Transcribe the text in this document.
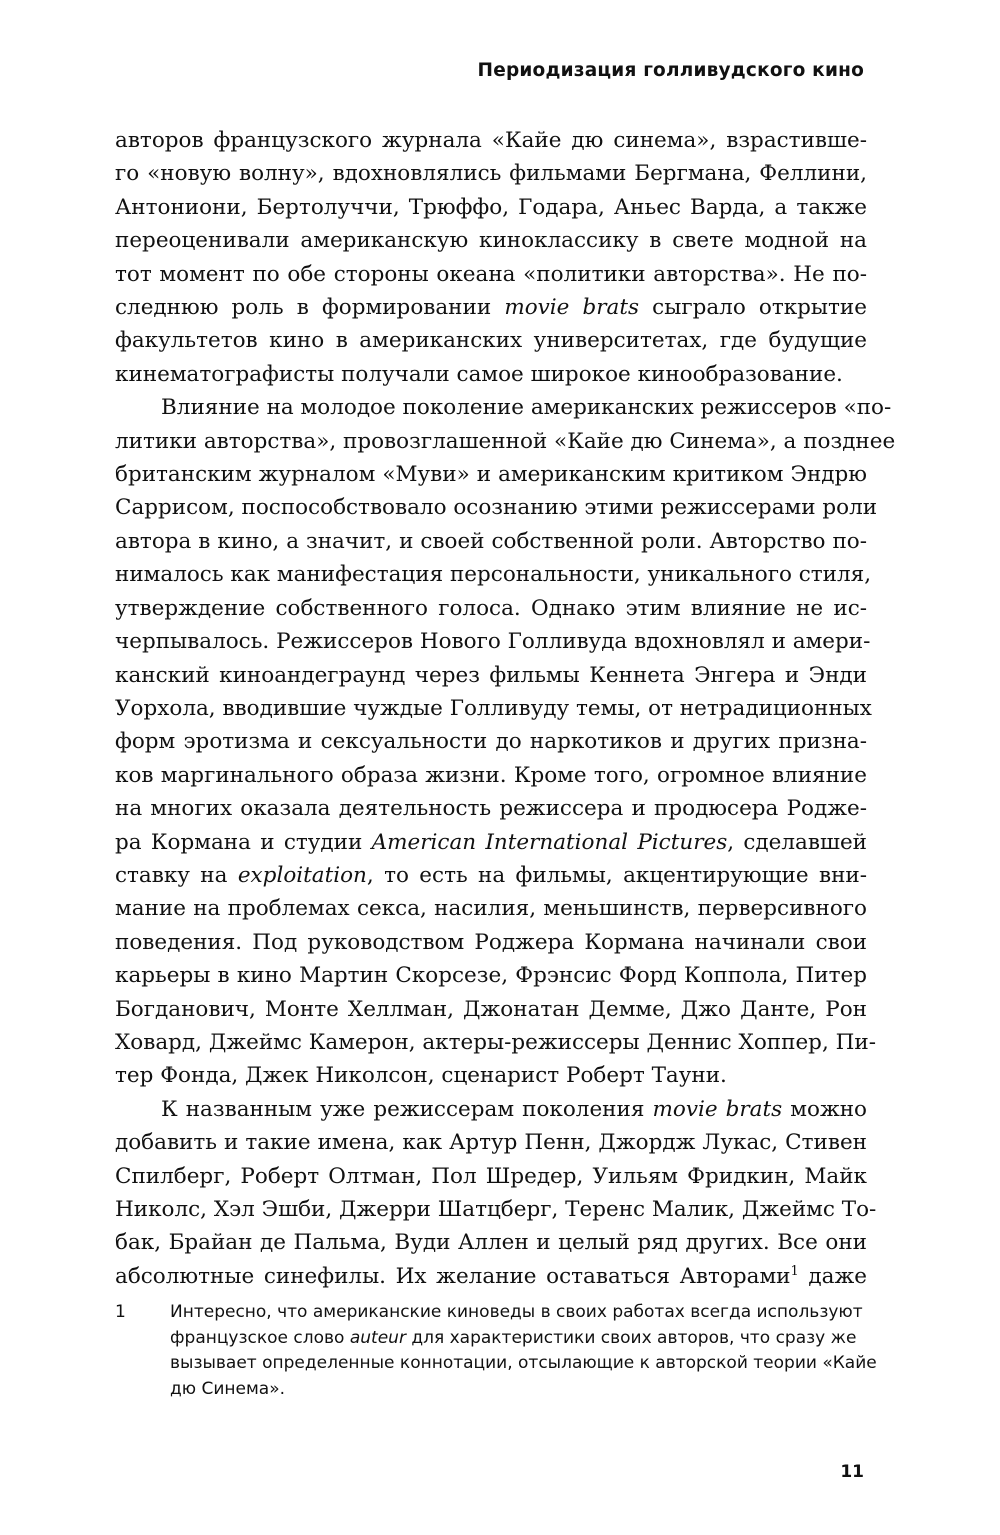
Периодизация голливудского кино
авторов французского журнала «Кайе дю синема», взрастивше-
го «новую волну», вдохновлялись фильмами Бергмана, Феллини,
Антониони, Бертолуччи, Трюффо, Годара, Аньес Варда, а также
переоценивали американскую киноклассику в свете модной на
тот момент по обе стороны океана «политики авторства». Не по-
следнюю роль в формировании movie brats сыграло открытие
факультетов кино в американских университетах, где будущие
кинематографисты получали самое широкое кинообразование.
Влияние на молодое поколение американских режиссеров «по-
литики авторства», провозглашенной «Кайе дю Синема», а позднее
британским журналом «Муви» и американским критиком Эндрю
Саррисом, поспособствовало осознанию этими режиссерами роли
автора в кино, а значит, и своей собственной роли. Авторство по-
нималось как манифестация персональности, уникального стиля,
утверждение собственного голоса. Однако этим влияние не ис-
черпывалось. Режиссеров Нового Голливуда вдохновлял и амери-
канский киноандеграунд через фильмы Кеннета Энгера и Энди
Уорхола, вводившие чуждые Голливуду темы, от нетрадиционных
форм эротизма и сексуальности до наркотиков и других призна-
ков маргинального образа жизни. Кроме того, огромное влияние
на многих оказала деятельность режиссера и продюсера Родже-
ра Кормана и студии American International Pictures, сделавшей
ставку на exploitation, то есть на фильмы, акцентирующие вни-
мание на проблемах секса, насилия, меньшинств, перверсивного
поведения. Под руководством Роджера Кормана начинали свои
карьеры в кино Мартин Скорсезе, Фрэнсис Форд Коппола, Питер
Богданович, Монте Хеллман, Джонатан Демме, Джо Данте, Рон
Ховард, Джеймс Камерон, актеры-режиссеры Деннис Хоппер, Пи-
тер Фонда, Джек Николсон, сценарист Роберт Тауни.
К названным уже режиссерам поколения movie brats можно
добавить и такие имена, как Артур Пенн, Джордж Лукас, Стивен
Спилберг, Роберт Олтман, Пол Шредер, Уильям Фридкин, Майк
Николс, Хэл Эшби, Джерри Шатцберг, Теренс Малик, Джеймс То-
бак, Брайан де Пальма, Вуди Аллен и целый ряд других. Все они
абсолютные синефилы. Их желание оставаться Авторами$^1$ даже
1	Интересно, что американские киноведы в своих работах всегда используют
французское слово auteur для характеристики своих авторов, что сразу же
вызывает определенные коннотации, отсылающие к авторской теории «Кайе
дю Синема».
11
